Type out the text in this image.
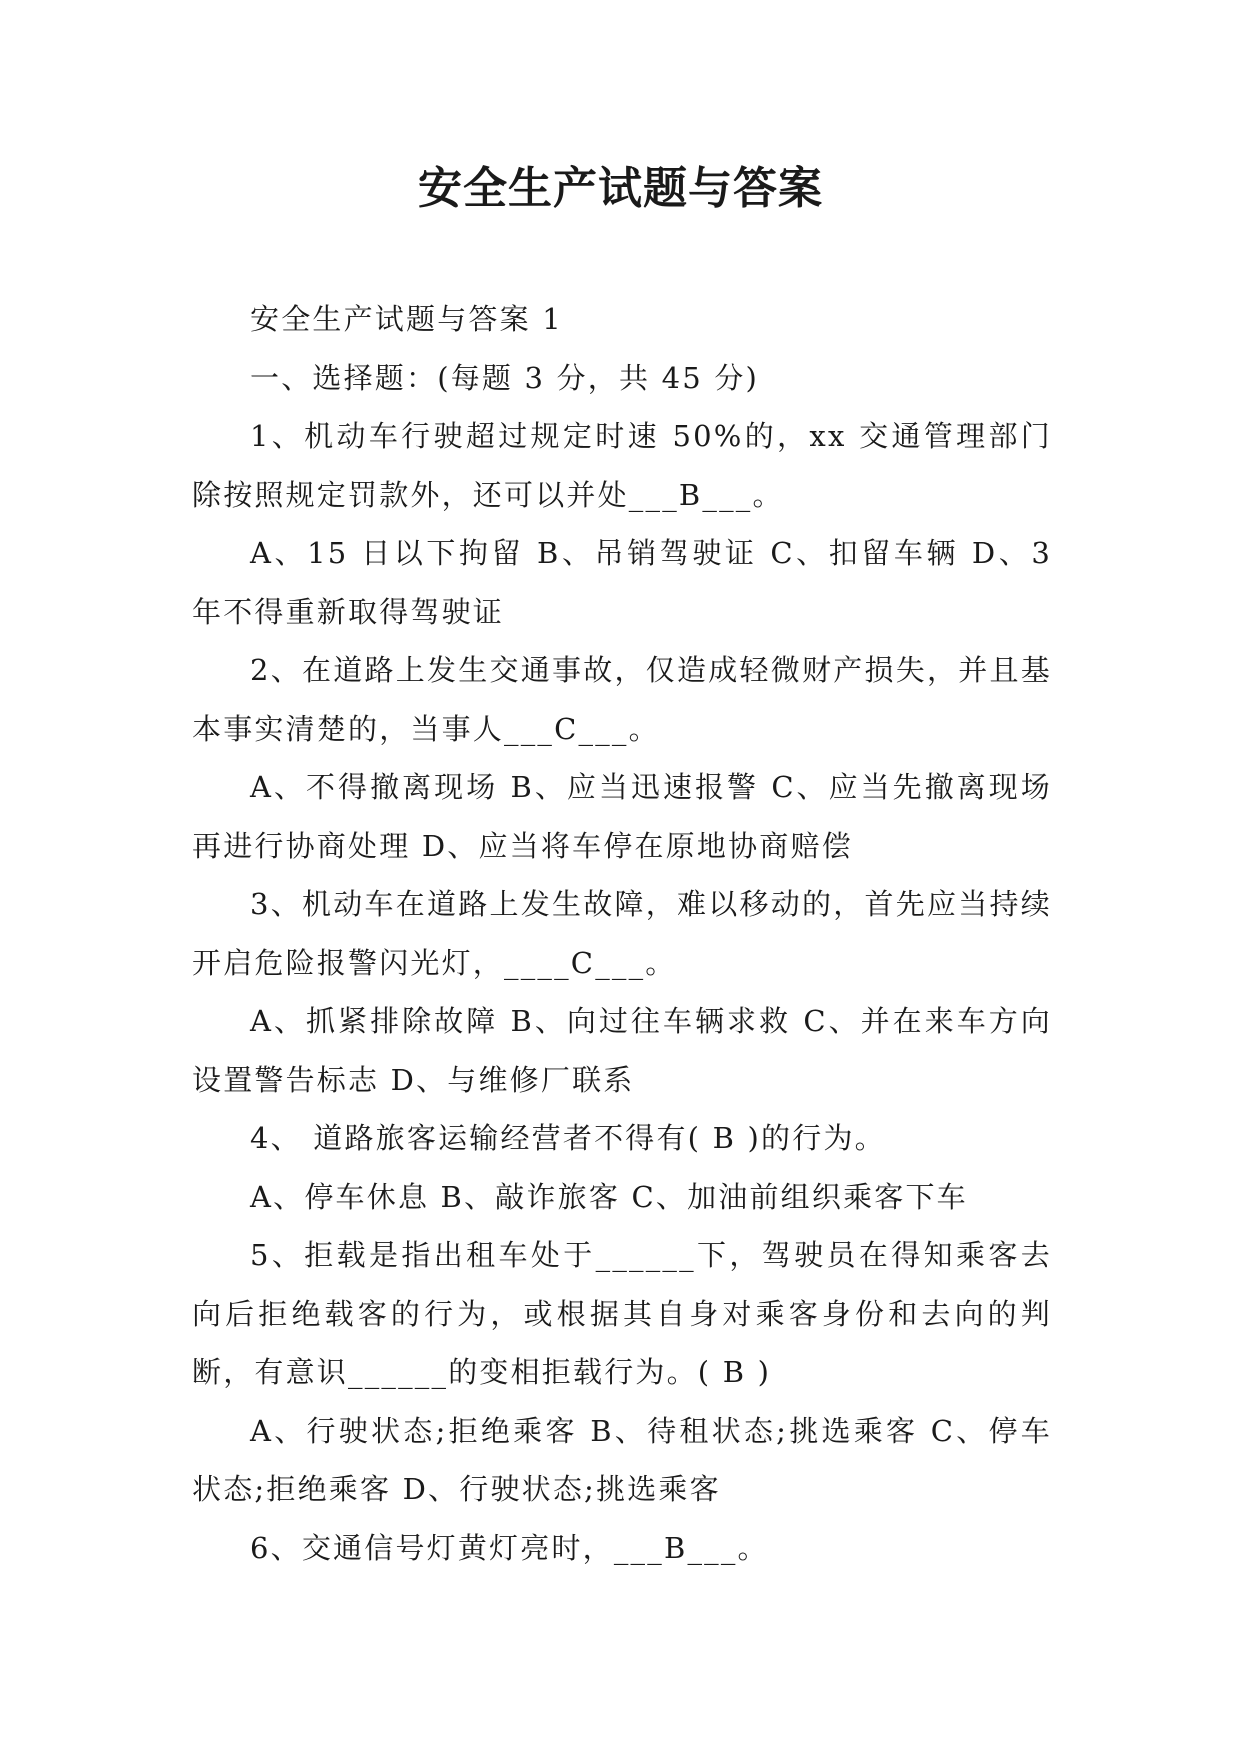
安全生产试题与答案

安全生产试题与答案 1

一、选择题：(每题 3 分，共 45 分)

1、机动车行驶超过规定时速 50%的，xx 交通管理部门除按照规定罚款外，还可以并处___B___。

A、15 日以下拘留 B、吊销驾驶证 C、扣留车辆 D、3 年不得重新取得驾驶证

2、在道路上发生交通事故，仅造成轻微财产损失，并且基本事实清楚的，当事人___C___。

A、不得撤离现场 B、应当迅速报警 C、应当先撤离现场再进行协商处理 D、应当将车停在原地协商赔偿

3、机动车在道路上发生故障，难以移动的，首先应当持续开启危险报警闪光灯，____C___。

A、抓紧排除故障 B、向过往车辆求救 C、并在来车方向设置警告标志 D、与维修厂联系

4、 道路旅客运输经营者不得有( B )的行为。

A、停车休息 B、敲诈旅客 C、加油前组织乘客下车

5、拒载是指出租车处于______下，驾驶员在得知乘客去向后拒绝载客的行为，或根据其自身对乘客身份和去向的判断，有意识______的变相拒载行为。( B )

A、行驶状态;拒绝乘客 B、待租状态;挑选乘客 C、停车状态;拒绝乘客 D、行驶状态;挑选乘客

6、交通信号灯黄灯亮时，___B___。
